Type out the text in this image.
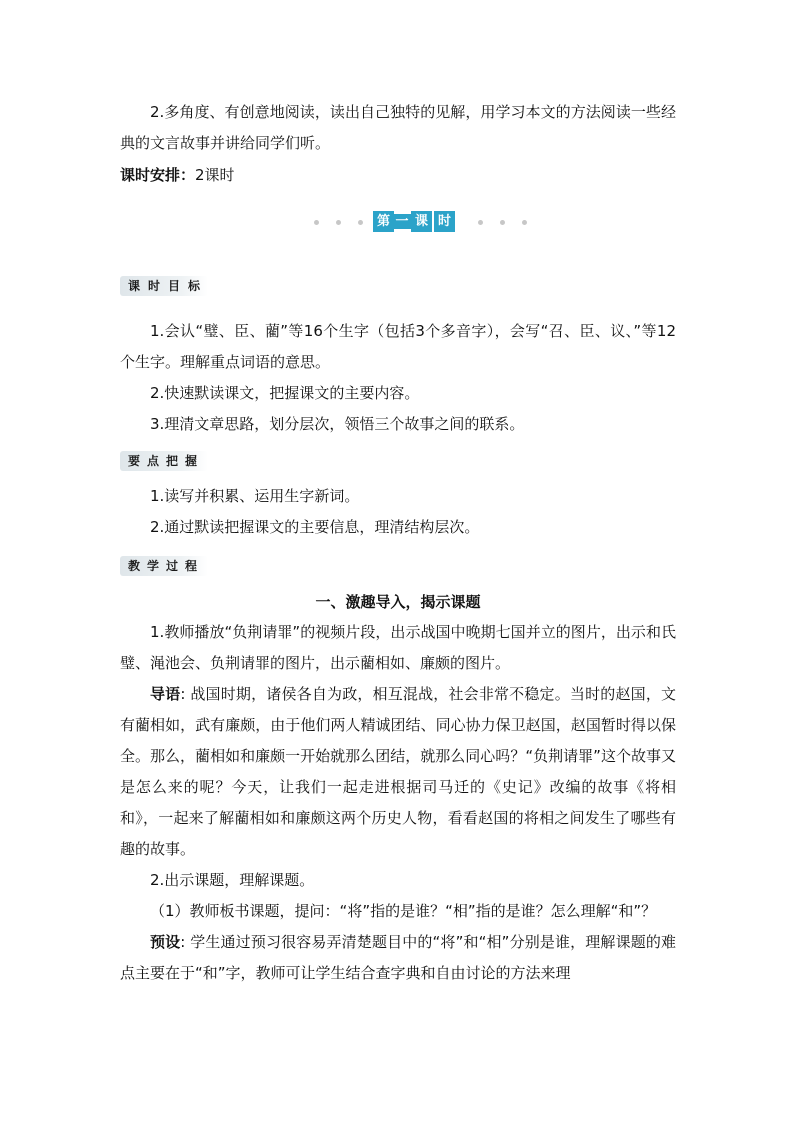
2.多角度、有创意地阅读，读出自己独特的见解，用学习本文的方法阅读一些经典的文言故事并讲给同学们听。

课时安排：2课时
第 一 课 时
课时目标

1.会认“璧、臣、藺”等16个生字（包括3个多音字），会写“召、臣、议、”等12个生字。理解重点词语的意思。

2.快速默读课文，把握课文的主要内容。

3.理清文章思路，划分层次，领悟三个故事之间的联系。

要点把握

1.读写并积累、运用生字新词。

2.通过默读把握课文的主要信息，理清结构层次。

教学过程
一、激趣导入，揭示课题

1.教师播放“负荆请罪”的视频片段，出示战国中晚期七国并立的图片，出示和氏璧、渑池会、负荆请罪的图片，出示藺相如、廉颇的图片。

导语: 战国时期，诸侯各自为政，相互混战，社会非常不稳定。当时的赵国，文有藺相如，武有廉颇，由于他们两人精诚团结、同心协力保卫赵国，赵国暂时得以保全。那么，藺相如和廉颇一开始就那么团结，就那么同心吗？“负荆请罪”这个故事又是怎么来的呢？今天，让我们一起走进根据司马迁的《史记》改编的故事《将相和》，一起来了解藺相如和廉颇这两个历史人物，看看赵国的将相之间发生了哪些有趣的故事。

2.出示课题，理解课题。

（1）教师板书课题，提问：“将”指的是谁？“相”指的是谁？怎么理解“和”？

预设: 学生通过预习很容易弄清楚题目中的“将”和“相”分别是谁，理解课题的难点主要在于“和”字，教师可让学生结合查字典和自由讨论的方法来理
